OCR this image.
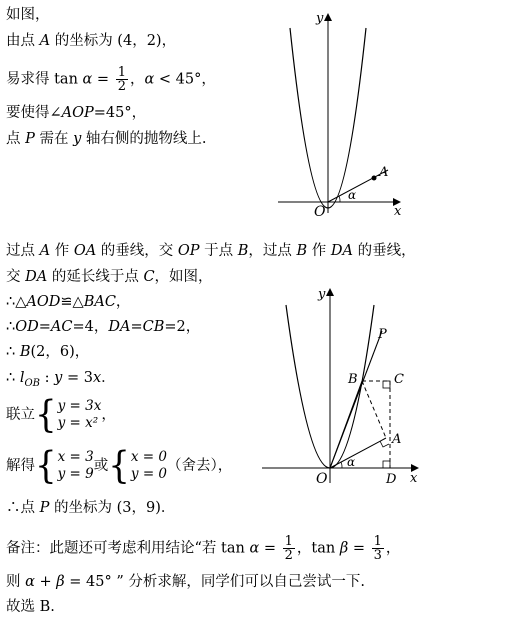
如图，
由点 A 的坐标为 (4，2)，
易求得 $\tan \alpha = \frac{1}{2}$ ，α < 45°，
要使得∠AOP=45°，
点 P 需在 y 轴右侧的抛物线上.
y
x
O
A
α
过点 A 作 OA 的垂线，交 OP 于点 B，过点 B 作 DA 的垂线，
交 DA 的延长线于点 C，如图，
∴△AOD≌△BAC，
∴OD=AC=4，DA=CB=2，
∴ B(2，6)，
∴ $l_{OB}$ : y = 3x．
联立{ y = 3x
y = x² ，
解得{ x = 3
y = 9 或{ x = 0
y = 0 （舍去），
∴点 P 的坐标为 (3，9)．
y
x
O
P
B	C
A
D
α
备注：此题还可考虑利用结论“若 $\tan \alpha = \frac{1}{2}$ ，$\tan \beta = \frac{1}{3}$ ，
则 α + β = 45° ” 分析求解，同学们可以自己尝试一下.
故选 B.
